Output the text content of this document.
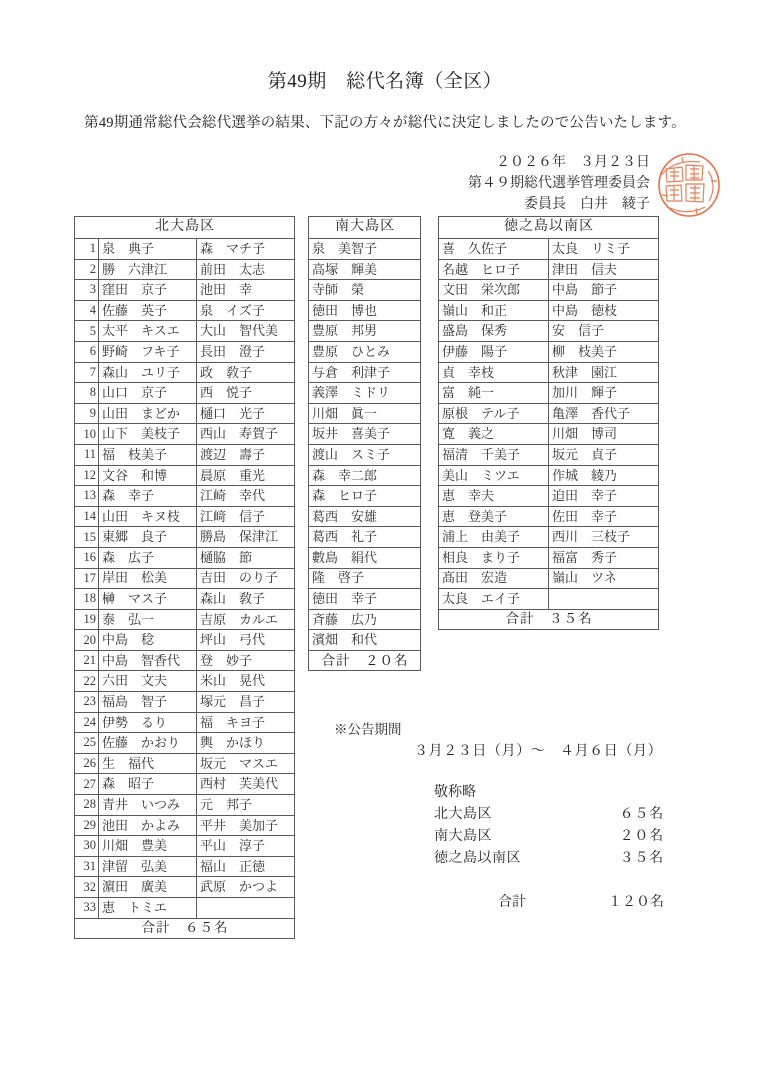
第49期　総代名簿（全区）
第49期通常総代会総代選挙の結果、下記の方々が総代に決定しましたので公告いたします。
２０２６年　３月２３日
第４９期総代選挙管理委員会
委員長　白井　綾子
北大島区		
1	泉　典子	森　マチ子
2	勝　六津江	前田　太志
3	窪田　京子	池田　幸
4	佐藤　英子	泉　イズ子
5	太平　キスエ	大山　智代美
6	野崎　フキ子	長田　澄子
7	森山　ユリ子	政　敎子
8	山口　京子	西　悦子
9	山田　まどか	樋口　光子
10	山下　美枝子	西山　寿賀子
11	福　枝美子	渡辺　壽子
12	文谷　和博	晨原　重光
13	森　幸子	江崎　幸代
14	山田　キヌ枝	江﨑　信子
15	東郷　良子	勝島　保津江
16	森　広子	樋脇　節
17	岸田　松美	吉田　のり子
18	榊　マス子	森山　敎子
19	泰　弘一	吉原　カルエ
20	中島　稔	坪山　弓代
21	中島　智香代	登　妙子
22	六田　文夫	米山　晃代
23	福島　智子	塚元　昌子
24	伊勢　るり	福　キヨ子
25	佐藤　かおり	輿　かほり
26	生　福代	坂元　マスエ
27	森　昭子	西村　芙美代
28	青井　いつみ	元　邦子
29	池田　かよみ	平井　美加子
30	川畑　豊美	平山　淳子
31	津留　弘美	福山　正徳
32	濵田　廣美	武原　かつよ
33	恵　トミエ	
合計　６５名		
南大島区
泉　美智子
高塚　輝美
寺師　榮
徳田　博也
豊原　邦男
豊原　ひとみ
与倉　利津子
義澤　ミドリ
川畑　眞一
坂井　喜美子
渡山　スミ子
森　幸二郎
森　ヒロ子
葛西　安雄
葛西　礼子
數島　絹代
隆　啓子
徳田　幸子
斉藤　広乃
濱畑　和代
合計　２０名
徳之島以南区	
喜　久佐子	太良　リミ子
名越　ヒロ子	津田　信夫
文田　栄次郎	中島　節子
嶺山　和正	中島　徳枝
盛島　保秀	安　信子
伊藤　陽子	柳　枝美子
貞　幸枝	秋津　園江
富　純一	加川　輝子
原根　テル子	亀澤　香代子
寛　義之	川畑　博司
福清　千美子	坂元　貞子
美山　ミツエ	作城　綾乃
恵　幸夫	迫田　幸子
恵　登美子	佐田　幸子
浦上　由美子	西川　三枝子
相良　まり子	福富　秀子
髙田　宏造	嶺山　ツネ
太良　エイ子	
合計　３５名	
※公告期間
３月２３日（月）〜　４月６日（月）
敬称略
北大島区	６５名
南大島区	２０名
徳之島以南区	３５名
合計	１２０名
